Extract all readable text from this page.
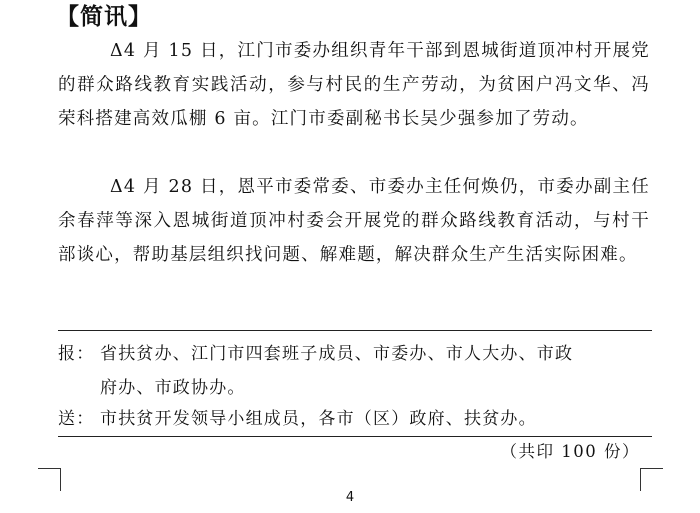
【简讯】

Δ4 月 15 日，江门市委办组织青年干部到恩城街道顶冲村开展党的群众路线教育实践活动，参与村民的生产劳动，为贫困户冯文华、冯荣科搭建高效瓜棚 6 亩。江门市委副秘书长吴少强参加了劳动。

Δ4 月 28 日，恩平市委常委、市委办主任何焕仍，市委办副主任余春萍等深入恩城街道顶冲村委会开展党的群众路线教育活动，与村干部谈心，帮助基层组织找问题、解难题，解决群众生产生活实际困难。

报： 省扶贫办、江门市四套班子成员、市委办、市人大办、市政

府办、市政协办。

送： 市扶贫开发领导小组成员，各市（区）政府、扶贫办。

（共印 100 份）
4
